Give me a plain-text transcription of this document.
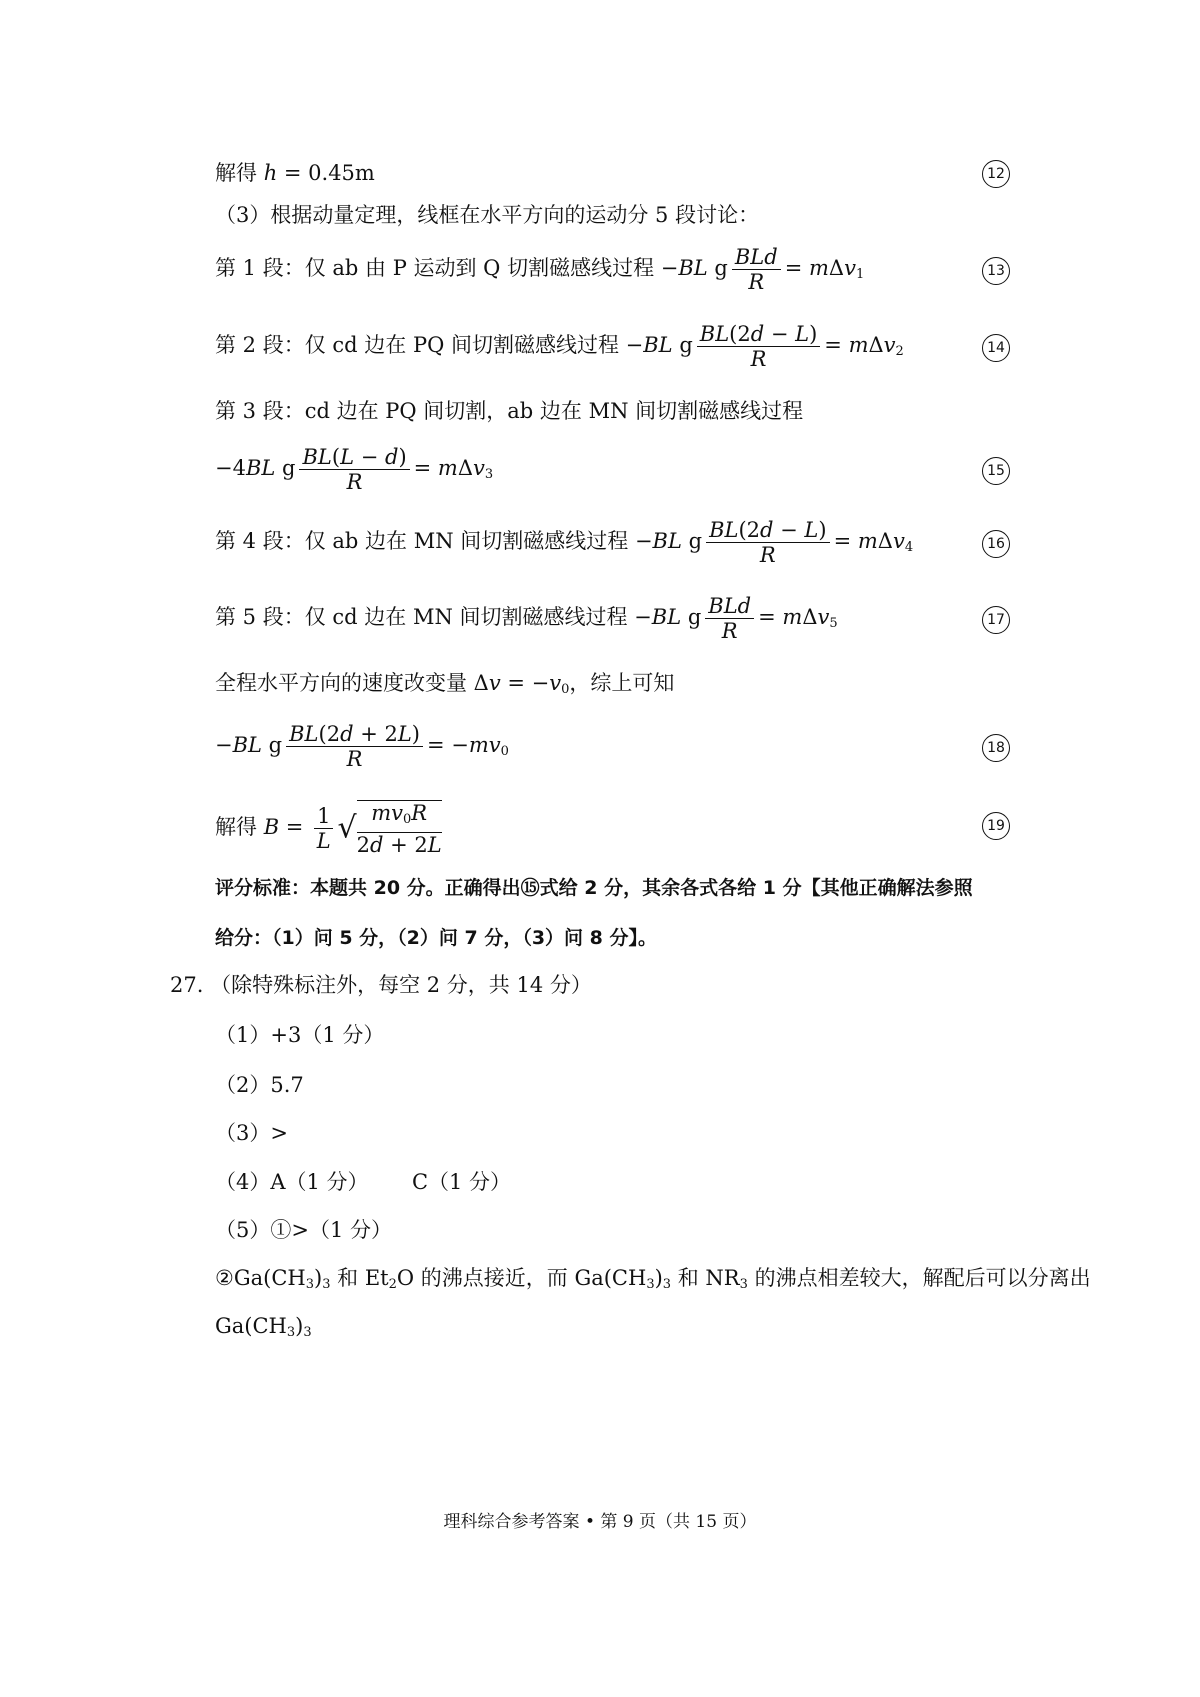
解得 h = 0.45m	12
（3）根据动量定理，线框在水平方向的运动分 5 段讨论：
第 1 段：仅 ab 由 P 运动到 Q 切割磁感线过程 −BL g $\frac{\text{BLd}}{R} = m\Delta v_1$	13
第 2 段：仅 cd 边在 PQ 间切割磁感线过程 −BL g $\frac{BL(2d - L)}{R} = m\Delta v_2$	14
第 3 段：cd 边在 PQ 间切割，ab 边在 MN 间切割磁感线过程
−4BL g $\frac{BL(L - d)}{R} = m\Delta v_3$	15
第 4 段：仅 ab 边在 MN 间切割磁感线过程 −BL g $\frac{BL(2d - L)}{R} = m\Delta v_4$	16
第 5 段：仅 cd 边在 MN 间切割磁感线过程 −BL g $\frac{\text{BLd}}{R} = m\Delta v_5$	17
全程水平方向的速度改变量 $\Delta v = -v_0$，综上可知
−BL g $\frac{BL(2d + 2L)}{R} = -mv_0$	18
解得 $B = \frac{1}{L}$ √ $\frac{mv_0R}{2d + 2L}$	19
评分标准：本题共 20 分。正确得出⑮式给 2 分，其余各式各给 1 分【其他正确解法参照
给分：（1）问 5 分，（2）问 7 分，（3）问 8 分】。
27. （除特殊标注外，每空 2 分，共 14 分）
（1）+3（1 分）
（2）5.7
（3）>
（4）A（1 分） C（1 分）
（5）①>（1 分）
$②Ga(CH_3)_3$ 和 $Et_2O$ 的沸点接近，而 $Ga(CH_3)_3$ 和 $NR_3$ 的沸点相差较大，解配后可以分离出
$Ga(CH_3)_3$
理科综合参考答案 • 第 9 页（共 15 页）
